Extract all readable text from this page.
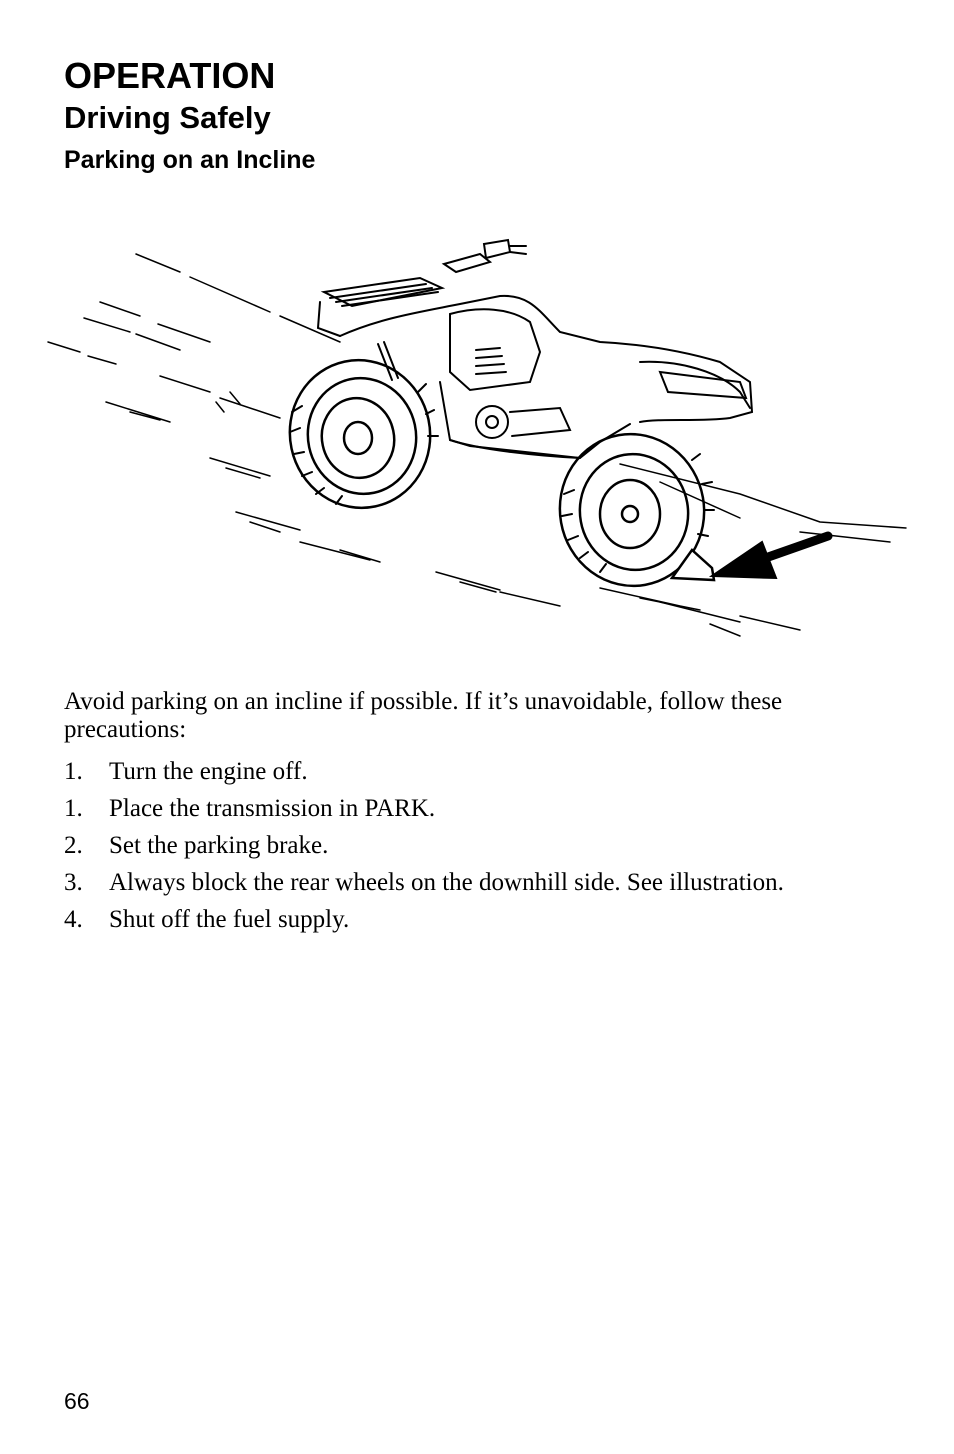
OPERATION
Driving Safely
Parking on an Incline

Avoid parking on an incline if possible. If it’s unavoidable, follow these precautions:

1.	Turn the engine off.
1.	Place the transmission in PARK.
2.	Set the parking brake.
3.	Always block the rear wheels on the downhill side. See illustration.
4.	Shut off the fuel supply.

66
